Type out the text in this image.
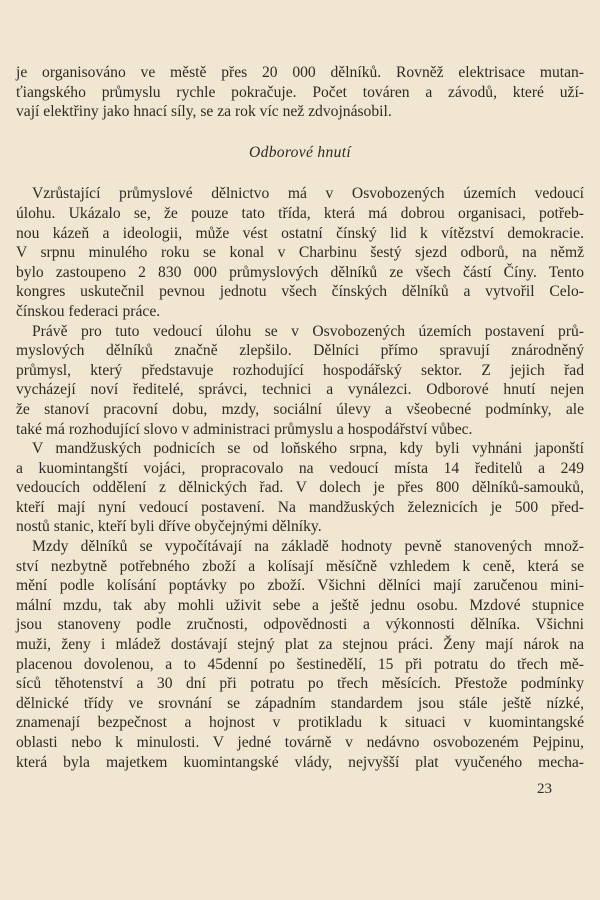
je organisováno ve městě přes 20 000 dělníků. Rovněž elektrisace mutan-
ťiangského průmyslu rychle pokračuje. Počet továren a závodů, které uží-
vají elektřiny jako hnací síly, se za rok víc než zdvojnásobil.
Odborové hnutí
Vzrůstající průmyslové dělnictvo má v Osvobozených územích vedoucí
úlohu. Ukázalo se, že pouze tato třída, která má dobrou organisaci, potřeb-
nou kázeň a ideologii, může vést ostatní čínský lid k vítězství demokracie.
V srpnu minulého roku se konal v Charbinu šestý sjezd odborů, na němž
bylo zastoupeno 2 830 000 průmyslových dělníků ze všech částí Číny. Tento
kongres uskutečnil pevnou jednotu všech čínských dělníků a vytvořil Celo-
čínskou federaci práce.
Právě pro tuto vedoucí úlohu se v Osvobozených územích postavení prů-
myslových dělníků značně zlepšilo. Dělníci přímo spravují znárodněný
průmysl, který představuje rozhodující hospodářský sektor. Z jejich řad
vycházejí noví ředitelé, správci, technici a vynálezci. Odborové hnutí nejen
že stanoví pracovní dobu, mzdy, sociální úlevy a všeobecné podmínky, ale
také má rozhodující slovo v administraci průmyslu a hospodářství vůbec.
V mandžuských podnicích se od loňského srpna, kdy byli vyhnáni japonští
a kuomintangští vojáci, propracovalo na vedoucí místa 14 ředitelů a 249
vedoucích oddělení z dělnických řad. V dolech je přes 800 dělníků-samouků,
kteří mají nyní vedoucí postavení. Na mandžuských železnicích je 500 před-
nostů stanic, kteří byli dříve obyčejnými dělníky.
Mzdy dělníků se vypočítávají na základě hodnoty pevně stanovených množ-
ství nezbytně potřebného zboží a kolísají měsíčně vzhledem k ceně, která se
mění podle kolísání poptávky po zboží. Všichni dělníci mají zaručenou mini-
mální mzdu, tak aby mohli uživit sebe a ještě jednu osobu. Mzdové stupnice
jsou stanoveny podle zručnosti, odpovědnosti a výkonnosti dělníka. Všichni
muži, ženy i mládež dostávají stejný plat za stejnou práci. Ženy mají nárok na
placenou dovolenou, a to 45denní po šestinedělí, 15 při potratu do třech mě-
síců těhotenství a 30 dní při potratu po třech měsících. Přestože podmínky
dělnické třídy ve srovnání se západním standardem jsou stále ještě nízké,
znamenají bezpečnost a hojnost v protikladu k situaci v kuomintangské
oblasti nebo k minulosti. V jedné továrně v nedávno osvobozeném Pejpinu,
která byla majetkem kuomintangské vlády, nejvyšší plat vyučeného mecha-
23
